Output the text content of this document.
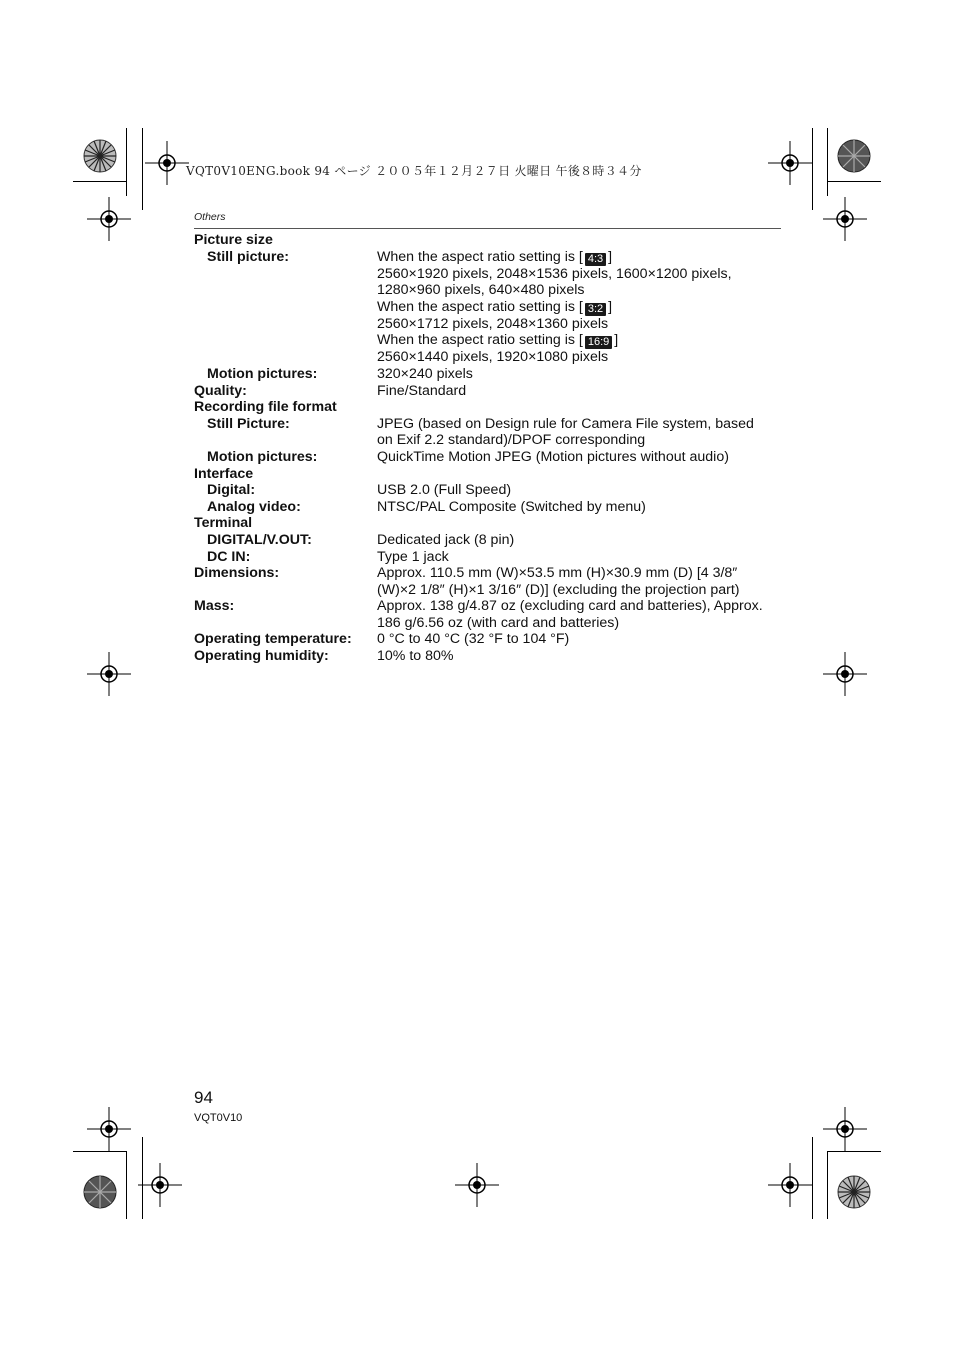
VQT0V10ENG.book 94 ページ ２００５年１２月２７日 火曜日 午後８時３４分
Others
Picture size

Still picture:	When the aspect ratio setting is [ 4:3 ]
2560×1920 pixels, 2048×1536 pixels, 1600×1200 pixels,
1280×960 pixels, 640×480 pixels
When the aspect ratio setting is [ 3:2 ]
2560×1712 pixels, 2048×1360 pixels
When the aspect ratio setting is [ 16:9 ]
2560×1440 pixels, 1920×1080 pixels
Motion pictures:	320×240 pixels
Quality:	Fine/Standard
Recording file format

Still Picture:	JPEG (based on Design rule for Camera File system, based
on Exif 2.2 standard)/DPOF corresponding
Motion pictures:	QuickTime Motion JPEG (Motion pictures without audio)
Interface

Digital:	USB 2.0 (Full Speed)
Analog video:	NTSC/PAL Composite (Switched by menu)
Terminal

DIGITAL/V.OUT:	Dedicated jack (8 pin)
DC IN:	Type 1 jack
Dimensions:	Approx. 110.5 mm (W)×53.5 mm (H)×30.9 mm (D) [4 3/8″
(W)×2 1/8″ (H)×1 3/16″ (D)] (excluding the projection part)
Mass:	Approx. 138 g/4.87 oz (excluding card and batteries), Approx.
186 g/6.56 oz (with card and batteries)
Operating temperature:	0 °C to 40 °C (32 °F to 104 °F)
Operating humidity:	10% to 80%
94
VQT0V10
